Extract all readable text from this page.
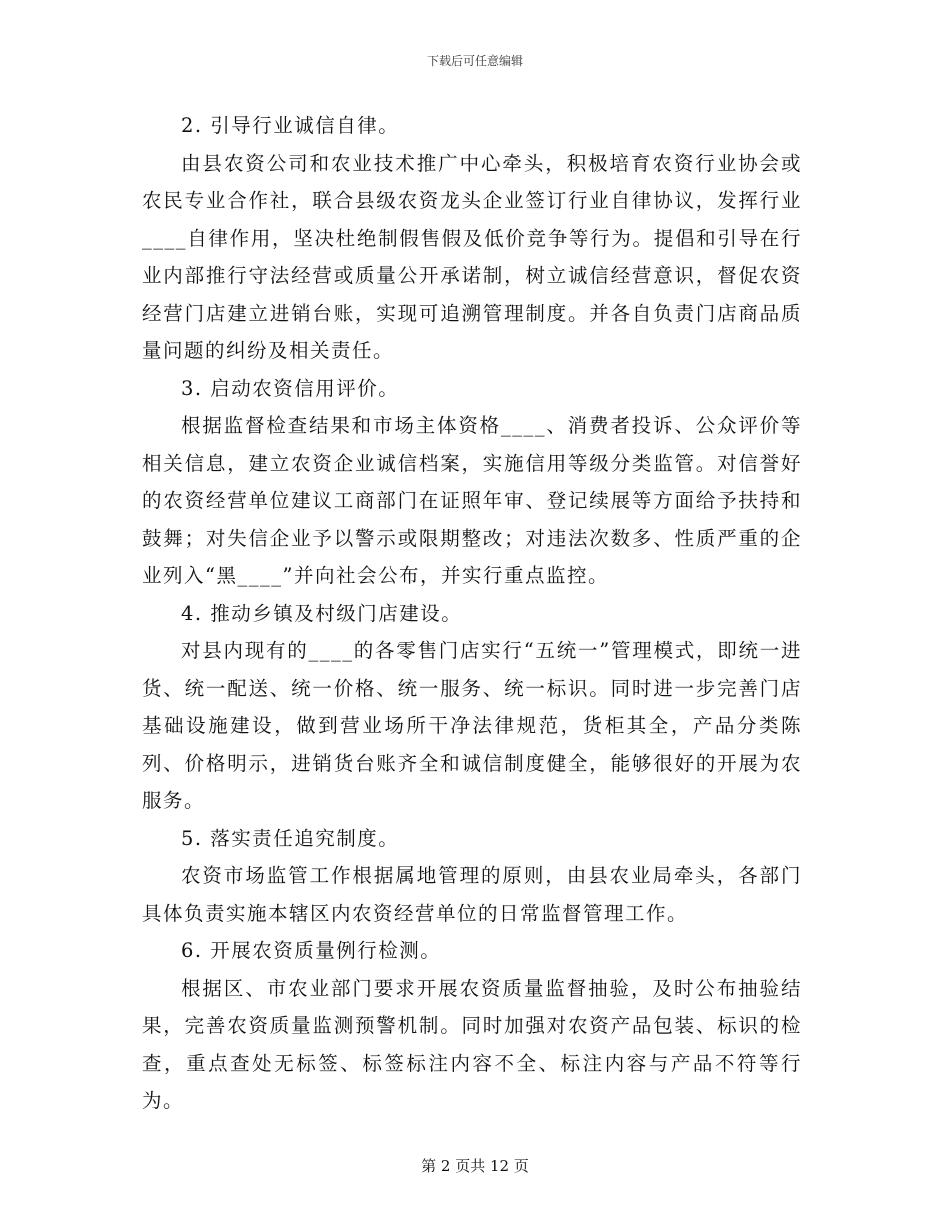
下载后可任意编辑

2. 引导行业诚信自律。

由县农资公司和农业技术推广中心牵头，积极培育农资行业协会或农民专业合作社，联合县级农资龙头企业签订行业自律协议，发挥行业____自律作用，坚决杜绝制假售假及低价竞争等行为。提倡和引导在行业内部推行守法经营或质量公开承诺制，树立诚信经营意识，督促农资经营门店建立进销台账，实现可追溯管理制度。并各自负责门店商品质量问题的纠纷及相关责任。

3. 启动农资信用评价。

根据监督检查结果和市场主体资格____、消费者投诉、公众评价等相关信息，建立农资企业诚信档案，实施信用等级分类监管。对信誉好的农资经营单位建议工商部门在证照年审、登记续展等方面给予扶持和鼓舞；对失信企业予以警示或限期整改；对违法次数多、性质严重的企业列入“黑____”并向社会公布，并实行重点监控。

4. 推动乡镇及村级门店建设。

对县内现有的____的各零售门店实行“五统一”管理模式，即统一进货、统一配送、统一价格、统一服务、统一标识。同时进一步完善门店基础设施建设，做到营业场所干净法律规范，货柜其全，产品分类陈列、价格明示，进销货台账齐全和诚信制度健全，能够很好的开展为农服务。

5. 落实责任追究制度。

农资市场监管工作根据属地管理的原则，由县农业局牵头，各部门具体负责实施本辖区内农资经营单位的日常监督管理工作。

6. 开展农资质量例行检测。

根据区、市农业部门要求开展农资质量监督抽验，及时公布抽验结果，完善农资质量监测预警机制。同时加强对农资产品包装、标识的检查，重点查处无标签、标签标注内容不全、标注内容与产品不符等行为。

第 2 页共 12 页
